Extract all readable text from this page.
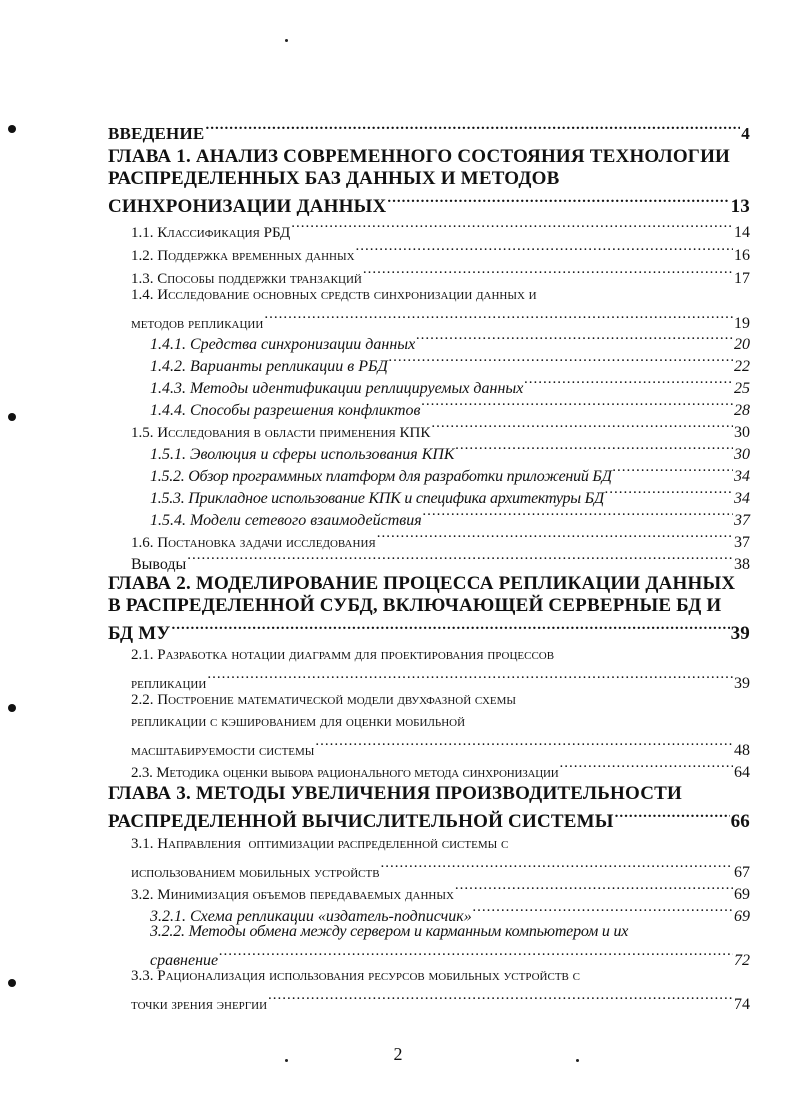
ВВЕДЕНИЕ .....	4
ГЛАВА 1. АНАЛИЗ СОВРЕМЕННОГО СОСТОЯНИЯ ТЕХНОЛОГИИ
РАСПРЕДЕЛЕННЫХ БАЗ ДАННЫХ И МЕТОДОВ
СИНХРОНИЗАЦИИ ДАННЫХ .....	13
1.1. Классификация РБД .....	14
1.2. Поддержка временных данных .....	16
1.3. Способы поддержки транзакций .....	17
1.4. Исследование основных средств синхронизации данных и
методов репликации .....	19
1.4.1. Средства синхронизации данных .....	20
1.4.2. Варианты репликации в РБД .....	22
1.4.3. Методы идентификации реплицируемых данных .....	25
1.4.4. Способы разрешения конфликтов .....	28
1.5. Исследования в области применения КПК .....	30
1.5.1. Эволюция и сферы использования КПК .....	30
1.5.2. Обзор программных платформ для разработки приложений БД .....	34
1.5.3. Прикладное использование КПК и специфика архитектуры БД .....	34
1.5.4. Модели сетевого взаимодействия .....	37
1.6. Постановка задачи исследования .....	37
Выводы .....	38
ГЛАВА 2. МОДЕЛИРОВАНИЕ ПРОЦЕССА РЕПЛИКАЦИИ ДАННЫХ
В РАСПРЕДЕЛЕННОЙ СУБД, ВКЛЮЧАЮЩЕЙ СЕРВЕРНЫЕ БД И
БД МУ .....	39
2.1. Разработка нотации диаграмм для проектирования процессов
репликации .....	39
2.2. Построение математической модели двухфазной схемы
репликации с кэшированием для оценки мобильной
масштабируемости системы .....	48
2.3. Методика оценки выбора рационального метода синхронизации .....	64
ГЛАВА 3. МЕТОДЫ УВЕЛИЧЕНИЯ ПРОИЗВОДИТЕЛЬНОСТИ
РАСПРЕДЕЛЕННОЙ ВЫЧИСЛИТЕЛЬНОЙ СИСТЕМЫ .....	66
3.1. Направления  оптимизации распределенной системы с
использованием мобильных устройств .....	67
3.2. Минимизация объемов передаваемых данных .....	69
3.2.1. Схема репликации «издатель-подписчик» .....	69
3.2.2. Методы обмена между сервером и карманным компьютером и их
сравнение .....	72
3.3. Рационализация использования ресурсов мобильных устройств с
точки зрения энергии .....	74
2
